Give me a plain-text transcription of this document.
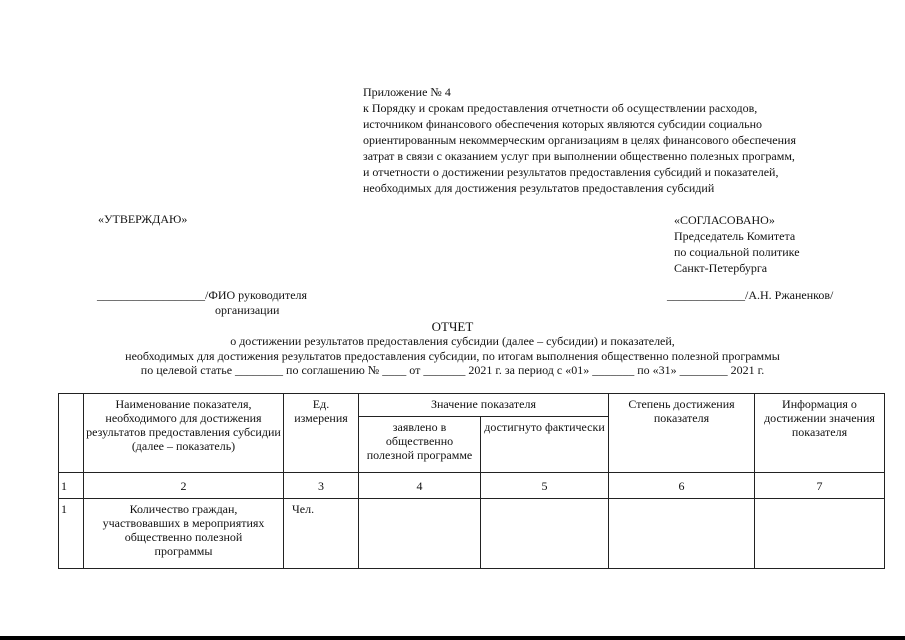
Приложение № 4
к Порядку и срокам предоставления отчетности об осуществлении расходов,
источником финансового обеспечения которых являются субсидии социально
ориентированным некоммерческим организациям в целях финансового обеспечения
затрат в связи с оказанием услуг при выполнении общественно полезных программ,
и отчетности о достижении результатов предоставления субсидий и показателей,
необходимых для достижения результатов предоставления субсидий
«УТВЕРЖДАЮ»	«СОГЛАСОВАНО»
Председатель Комитета
по социальной политике
Санкт-Петербурга
__________________/ФИО руководителя
организации
_____________/А.Н. Ржаненков/
ОТЧЕТ
о достижении результатов предоставления субсидии (далее – субсидии) и показателей,
необходимых для достижения результатов предоставления субсидии, по итогам выполнения общественно полезной программы
по целевой статье ________ по соглашению № ____ от _______ 2021 г. за период с «01» _______ по «31» ________ 2021 г.
	Наименование показателя, необходимого для достижения результатов предоставления субсидии (далее – показатель)	Ед. измерения	Значение показателя		Степень достижения показателя	Информация о достижении значения показателя
			заявлено в общественно полезной программе	достигнуто фактически		
1	2	3	4	5	6	7
1	Количество граждан, участвовавших в мероприятиях общественно полезной программы	Чел.				
